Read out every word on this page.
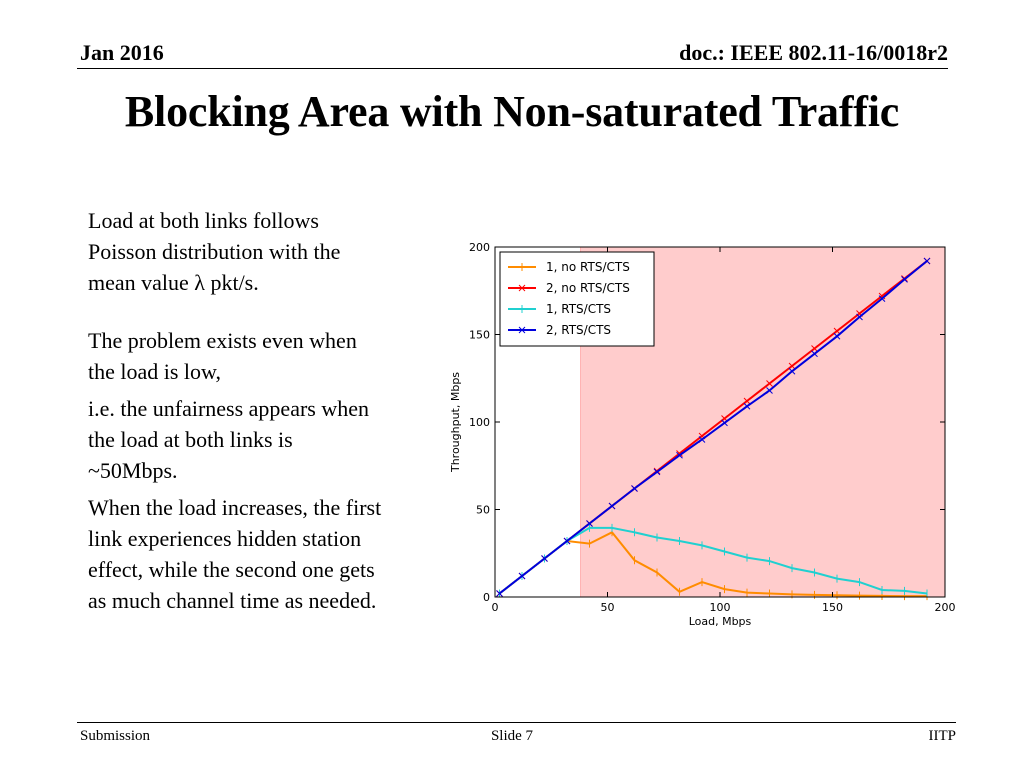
Jan 2016	doc.: IEEE 802.11-16/0018r2
Blocking Area with Non-saturated Traffic

Load at both links follows
Poisson distribution with the
mean value λ pkt/s.

The problem exists even when
the load is low,

i.e. the unfairness appears when
the load at both links is
~50Mbps.

When the load increases, the first
link experiences hidden station
effect, while the second one gets
as much channel time as needed.	0	50	100	150	200
0
50
100
150
200
Load, Mbps
Throughput, Mbps
1, no RTS/CTS
2, no RTS/CTS
1, RTS/CTS
2, RTS/CTS
Submission	Slide 7	IITP
